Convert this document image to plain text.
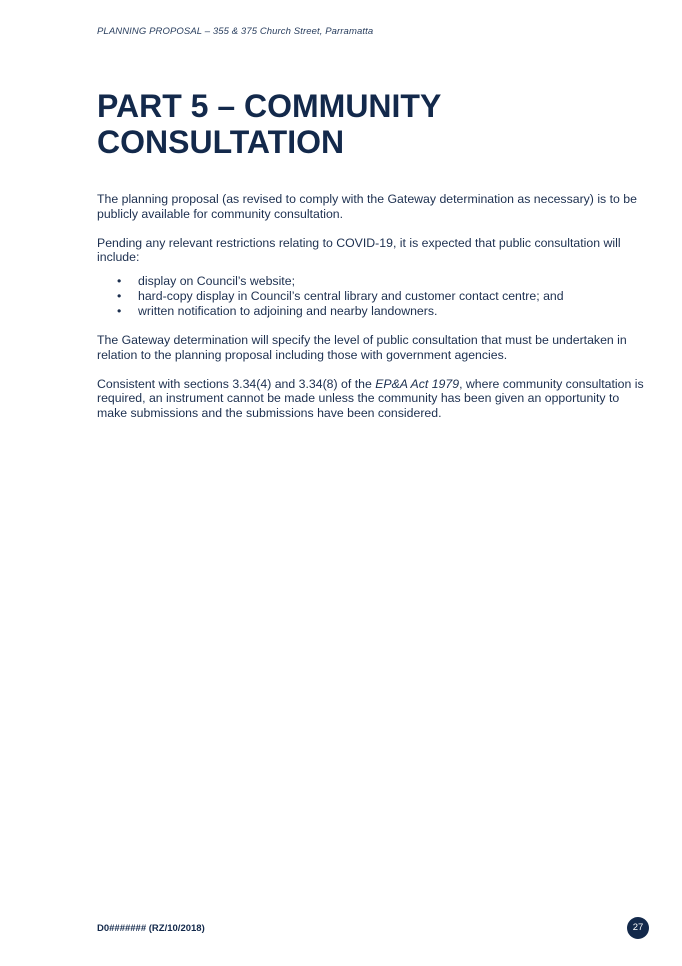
PLANNING PROPOSAL – 355 & 375 Church Street, Parramatta
PART 5 – COMMUNITY
CONSULTATION

The planning proposal (as revised to comply with the Gateway determination as necessary) is to be publicly available for community consultation.

Pending any relevant restrictions relating to COVID-19, it is expected that public consultation will include:

• display on Council’s website;
• hard-copy display in Council’s central library and customer contact centre; and
• written notification to adjoining and nearby landowners.

The Gateway determination will specify the level of public consultation that must be undertaken in relation to the planning proposal including those with government agencies.

Consistent with sections 3.34(4) and 3.34(8) of the EP&A Act 1979, where community consultation is required, an instrument cannot be made unless the community has been given an opportunity to make submissions and the submissions have been considered.

D0####### (RZ/10/2018)	27
